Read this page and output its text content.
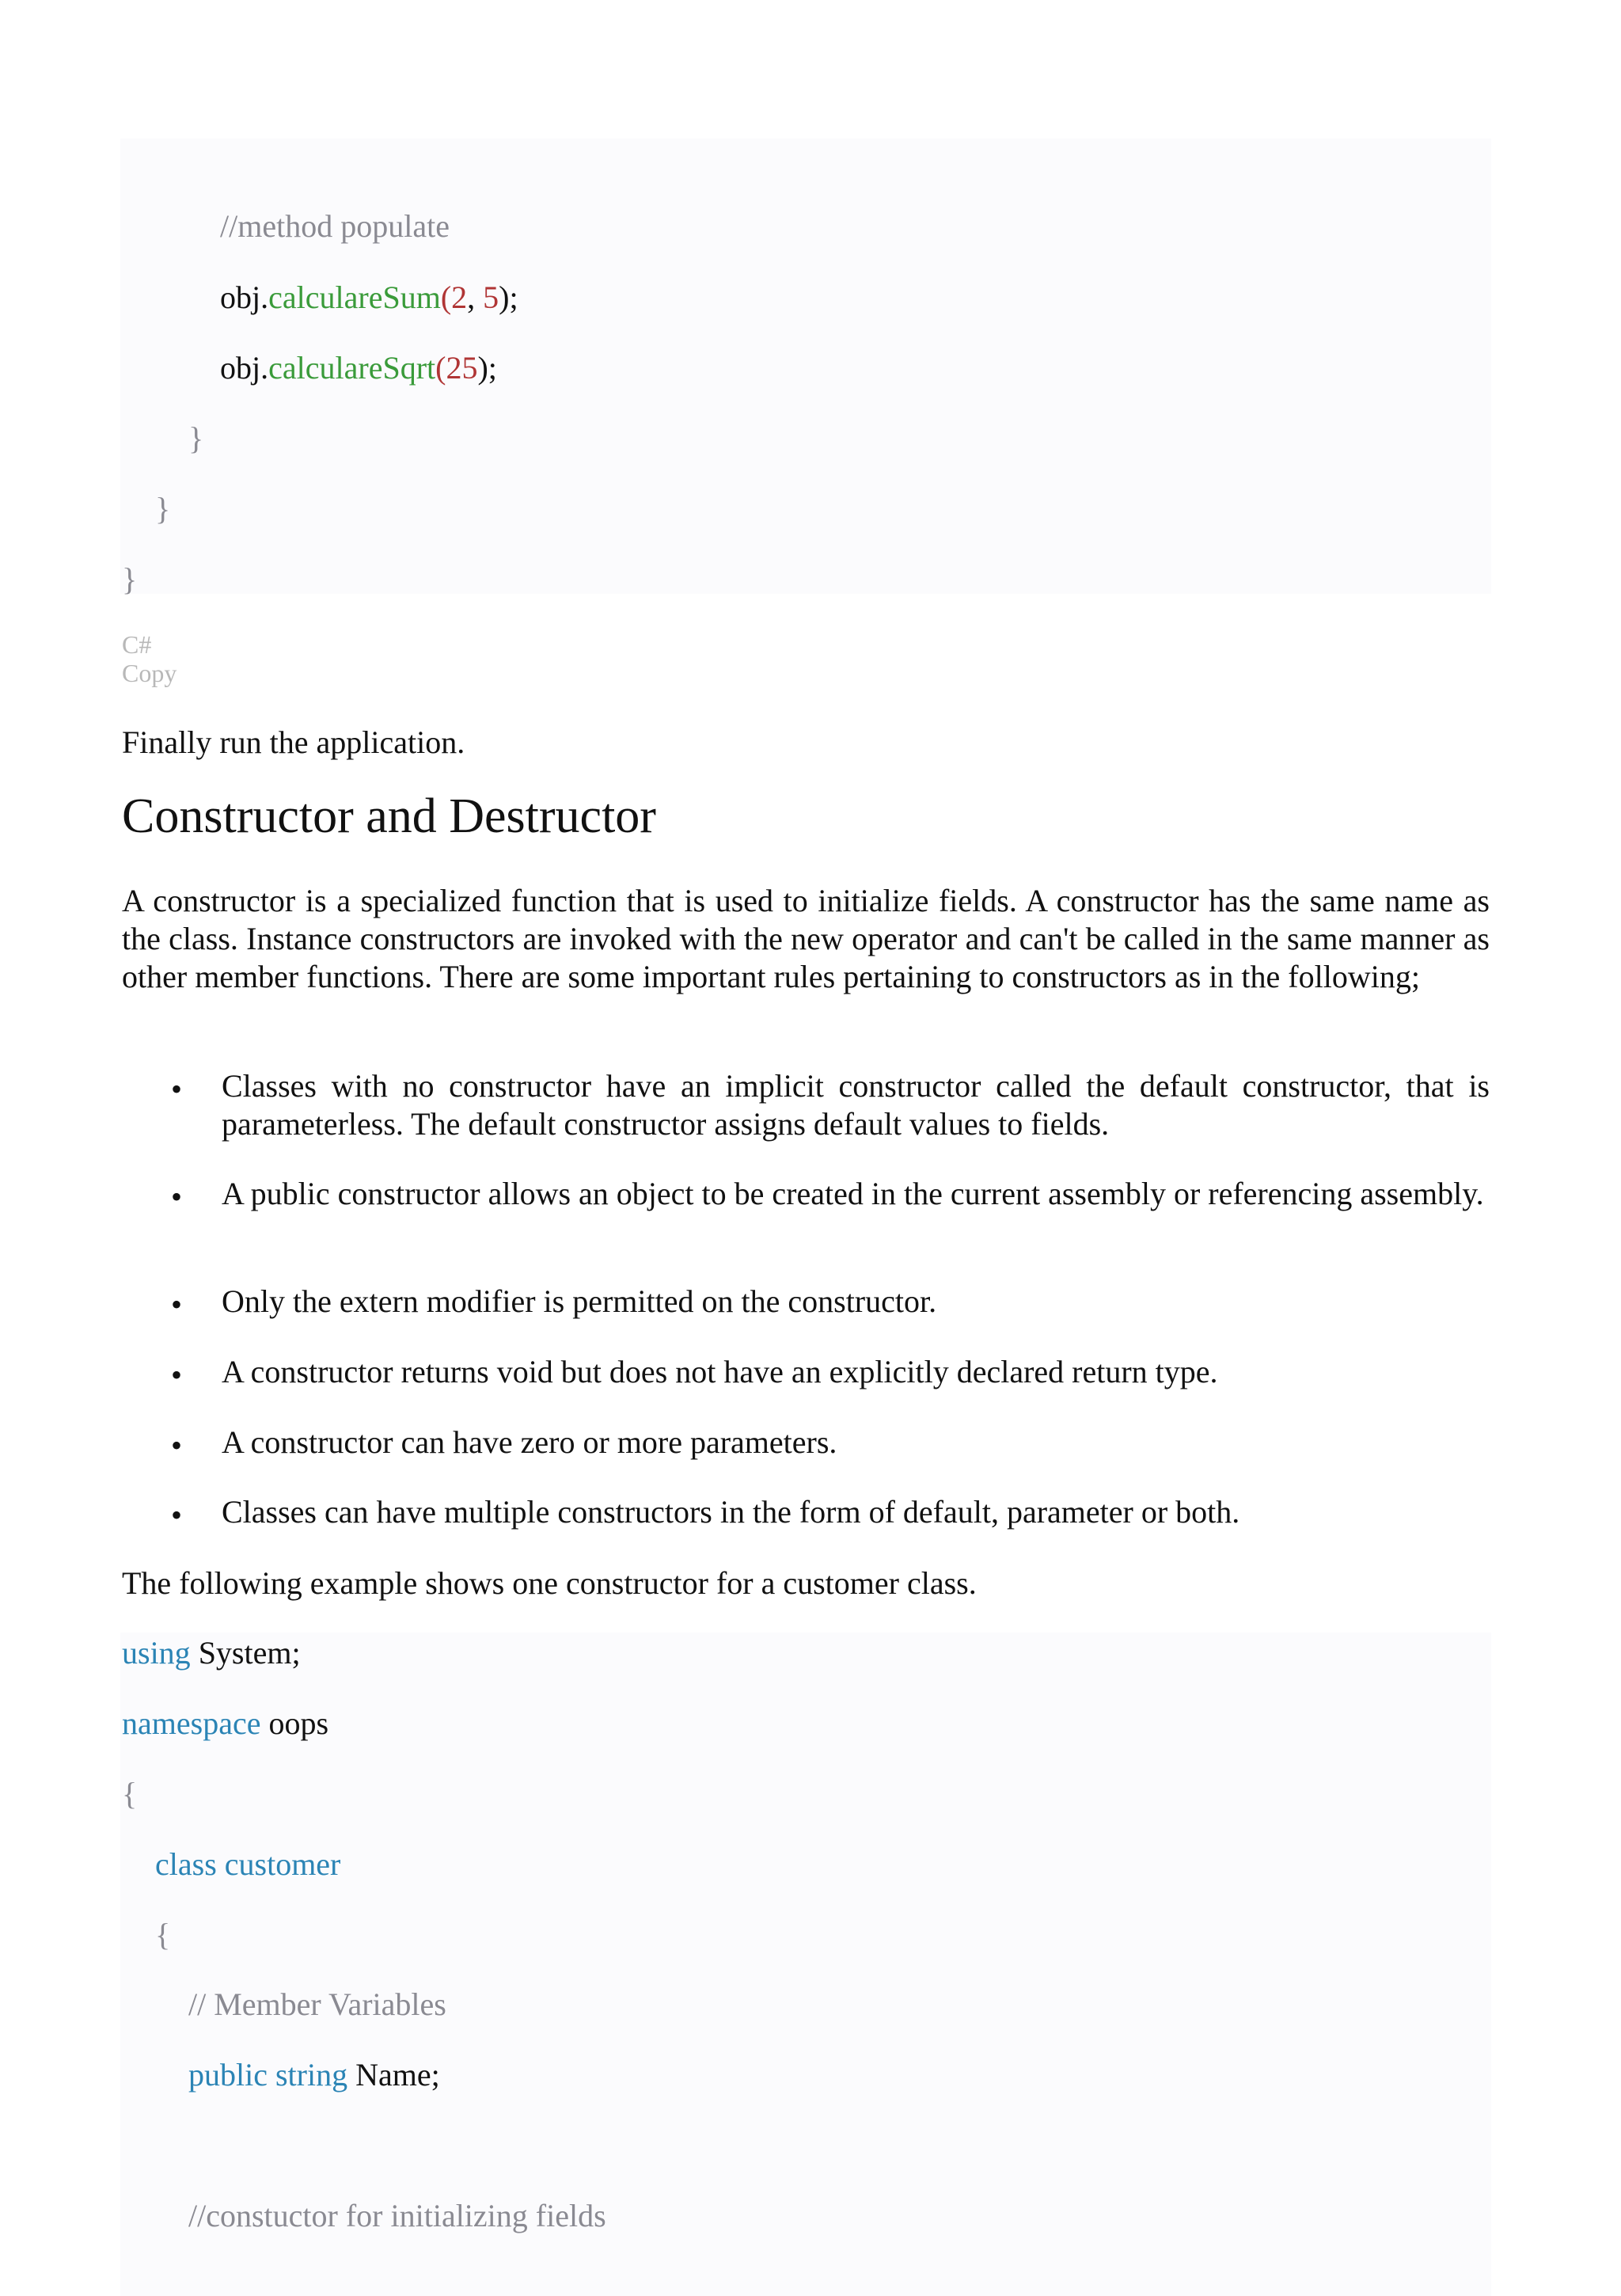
//method populate
obj.calculareSum(2, 5);
obj.calculareSqrt(25);
}
}
}
C#
Copy
Finally run the application.
Constructor and Destructor
A constructor is a specialized function that is used to initialize fields. A constructor has the same name as the class. Instance constructors are invoked with the new operator and can't be called in the same manner as other member functions. There are some important rules pertaining to constructors as in the following;
• Classes with no constructor have an implicit constructor called the default constructor, that is parameterless. The default constructor assigns default values to fields.
• A public constructor allows an object to be created in the current assembly or referencing assembly.
• Only the extern modifier is permitted on the constructor.
• A constructor returns void but does not have an explicitly declared return type.
• A constructor can have zero or more parameters.
• Classes can have multiple constructors in the form of default, parameter or both.
The following example shows one constructor for a customer class.
using System;
namespace oops
{
class customer
{
// Member Variables
public string Name;
//constuctor for initializing fields
